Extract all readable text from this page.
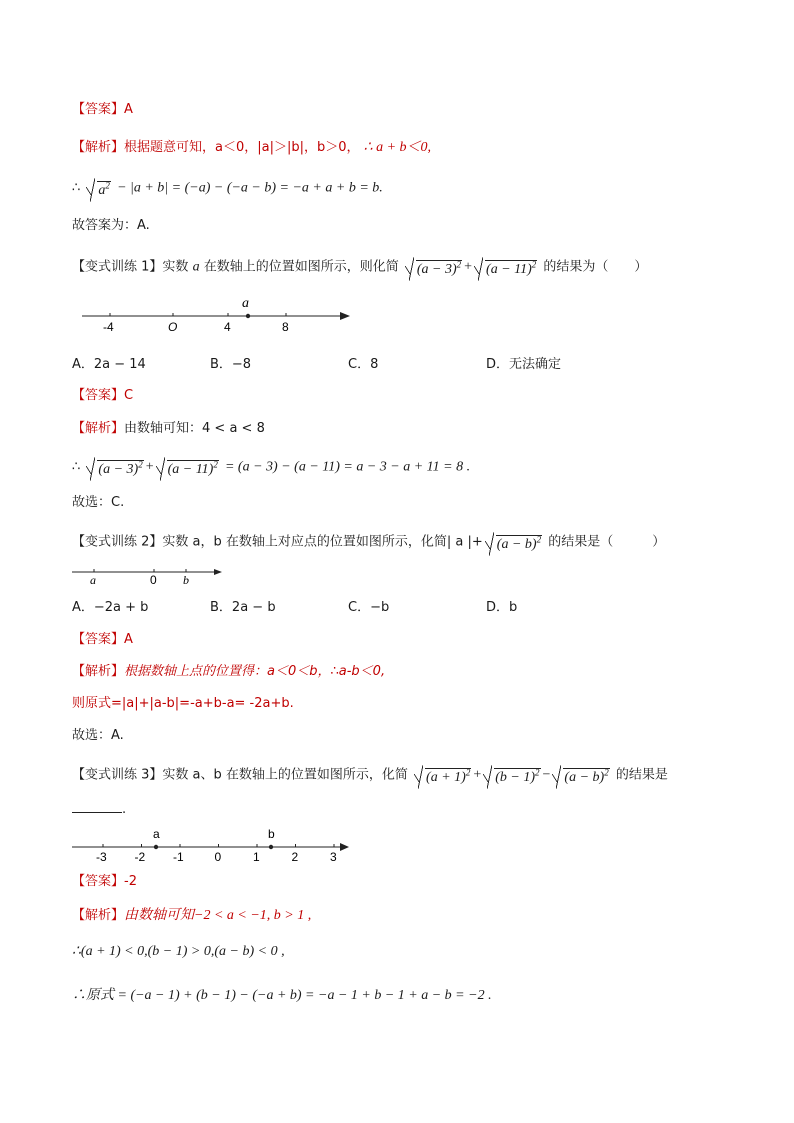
【答案】A
【解析】根据题意可知，a＜0，|a|＞|b|，b＞0， ∴ a + b＜0,
∴ $a^2 - |a + b| = (-a) - (-a - b) = -a + a + b = b$.
故答案为：A.
【变式训练 1】实数 a 在数轴上的位置如图所示，则化简 $(a - 3)^2 + (a - 11)^2$ 的结果为（　　）
a
-4	O	4	8
A．2a − 14	B．−8	C．8	D．无法确定
【答案】C
【解析】由数轴可知：4 < a < 8
∴ $(a - 3)^2 + (a - 11)^2 = (a - 3) - (a - 11) = a - 3 - a + 11 = 8$ .
故选：C.
【变式训练 2】实数 a，b 在数轴上对应点的位置如图所示，化简| a |+ $(a - b)^2$ 的结果是（　　　）
a	0 b
A．−2a + b	B．2a − b	C．−b	D．b
【答案】A
【解析】根据数轴上点的位置得：a＜0＜b，∴a-b＜0,
则原式=|a|+|a-b|=-a+b-a= -2a+b.
故选：A.
【变式训练 3】实数 a、b 在数轴上的位置如图所示，化简 $(a + 1)^2 + (b - 1)^2 - (a - b)^2$ 的结果是
.
-3 -2 -1	0	1	2	3
a	b
【答案】-2
【解析】由数轴可知−2 < a < −1, b > 1 ,
∴(a + 1) < 0,(b − 1) > 0,(a − b) < 0 ,
∴原式 = (−a − 1) + (b − 1) − (−a + b) = −a − 1 + b − 1 + a − b = −2 .
